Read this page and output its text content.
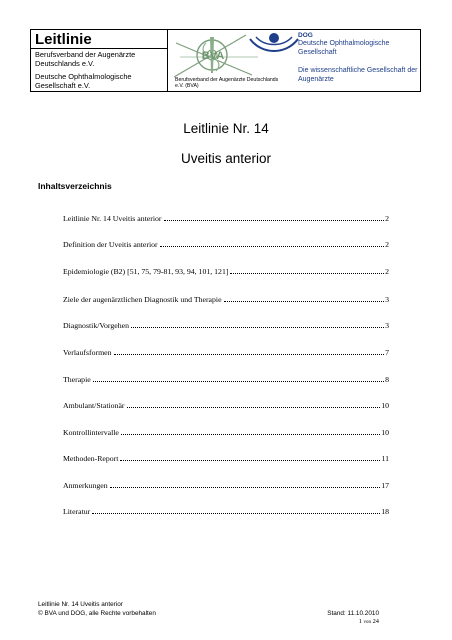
Leitlinie
Berufsverband der Augenärzte Deutschlands e.V.
Deutsche Ophthalmologische Gesellschaft e.V.
BVA
Berufsverband der Augenärzte Deutschlands e.V. (BVA)
DOG
Deutsche Ophthalmologische Gesellschaft
Die wissenschaftliche Gesellschaft der Augenärzte
Leitlinie Nr. 14
Uveitis anterior
Inhaltsverzeichnis
Leitlinie Nr. 14 Uveitis anterior	2
Definition der Uveitis anterior	2
Epidemiologie (B2) [51, 75, 79-81, 93, 94, 101, 121]	2
Ziele der augenärztlichen Diagnostik und Therapie	3
Diagnostik/Vorgehen	3
Verlaufsformen	7
Therapie	8
Ambulant/Stationär	10
Kontrollintervalle	10
Methoden-Report	11
Anmerkungen	17
Literatur	18
Leitlinie Nr. 14 Uveitis anterior
© BVA und DOG, alle Rechte vorbehalten	Stand: 11.10.2010
1 von 24
